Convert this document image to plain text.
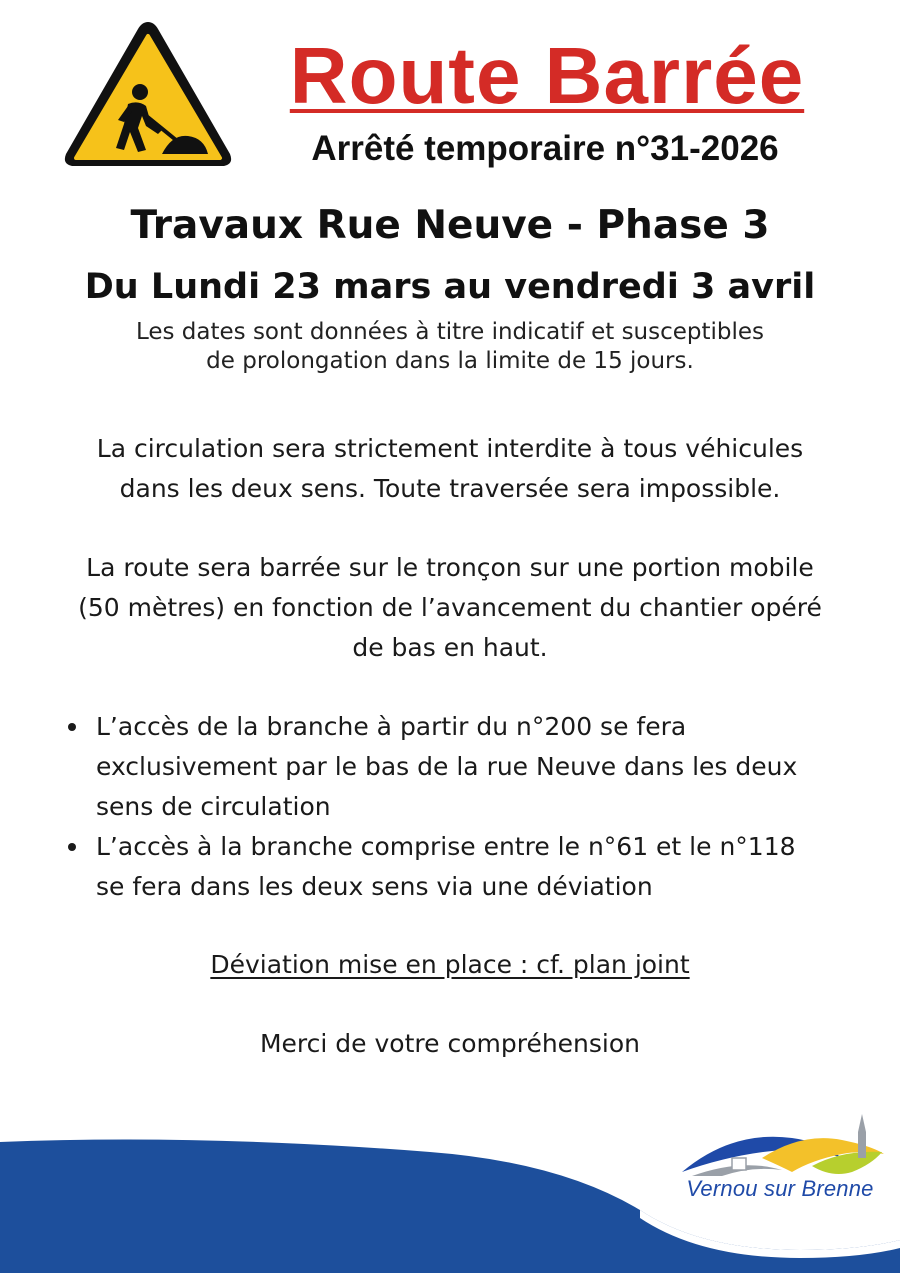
Route Barrée
Arrêté temporaire n°31-2026
Travaux Rue Neuve - Phase 3
Du Lundi 23 mars au vendredi 3 avril
Les dates sont données à titre indicatif et susceptibles
de prolongation dans la limite de 15 jours.
La circulation sera strictement interdite à tous véhicules
dans les deux sens. Toute traversée sera impossible.
La route sera barrée sur le tronçon sur une portion mobile
(50 mètres) en fonction de l’avancement du chantier opéré
de bas en haut.
L’accès de la branche à partir du n°200 se fera
exclusivement par le bas de la rue Neuve dans les deux
sens de circulation
L’accès à la branche comprise entre le n°61 et le n°118
se fera dans les deux sens via une déviation
Déviation mise en place : cf. plan joint
Merci de votre compréhension
Vernou sur Brenne
